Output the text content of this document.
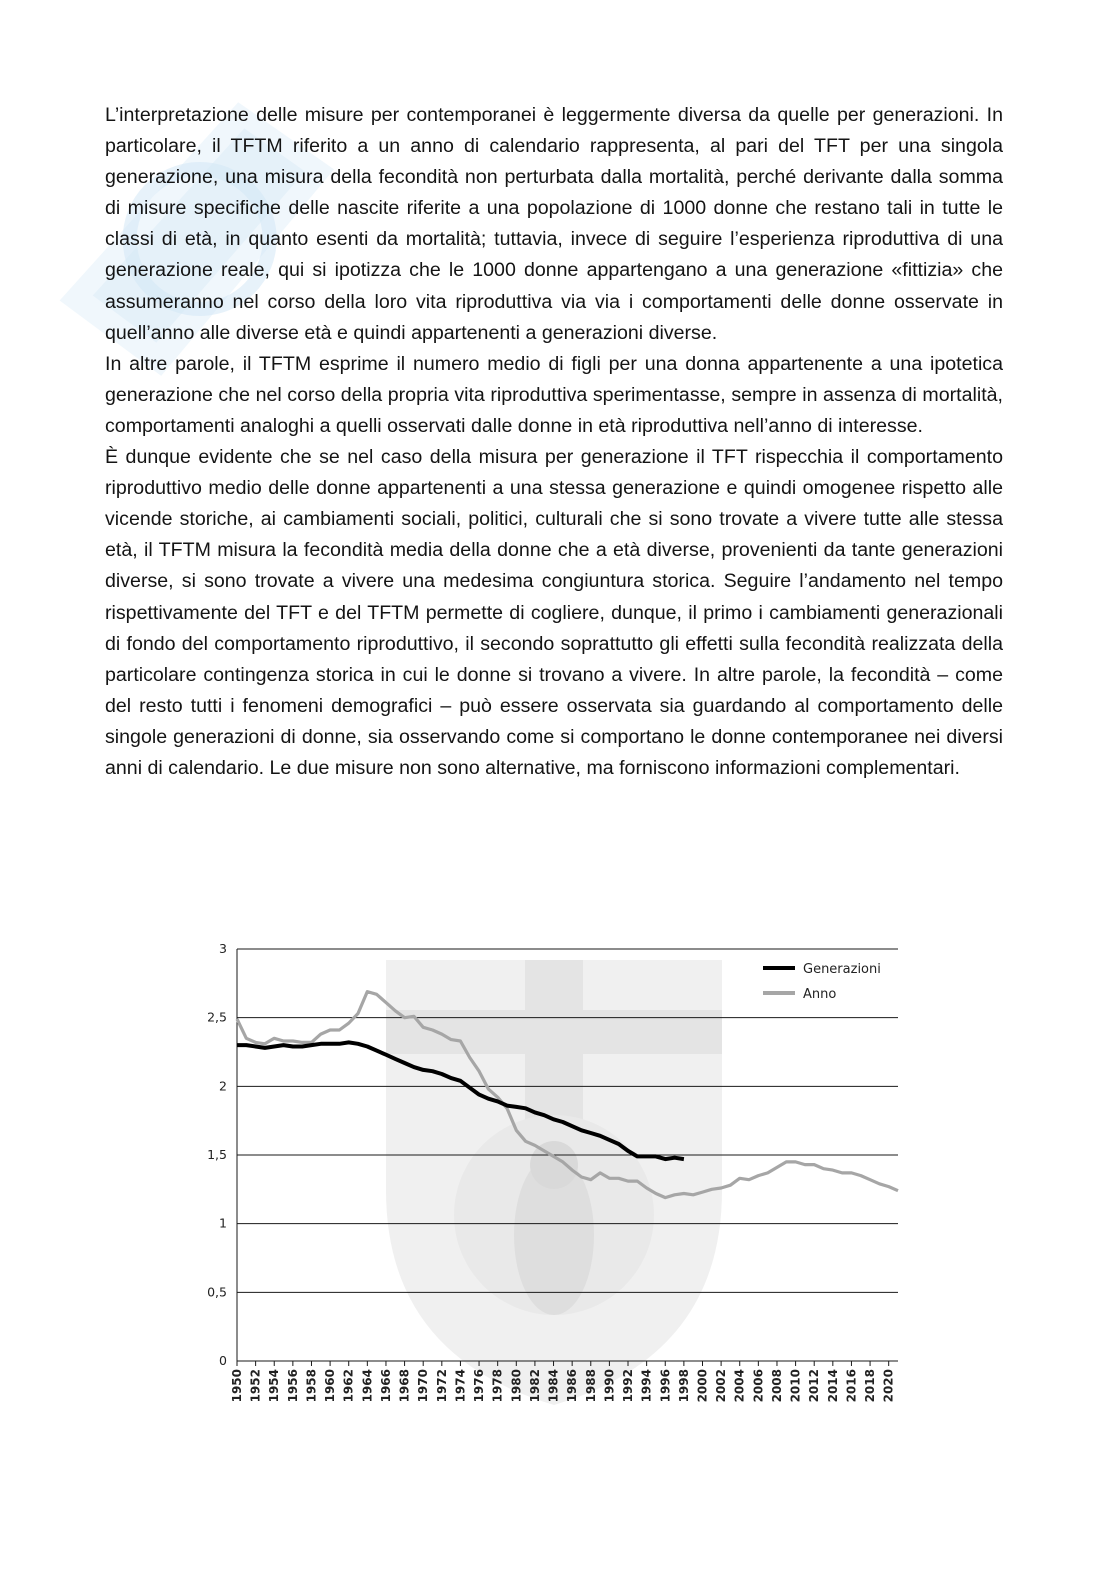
L’interpretazione delle misure per contemporanei è leggermente diversa da quelle per generazioni. In particolare, il TFTM riferito a un anno di calendario rappresenta, al pari del TFT per una singola generazione, una misura della fecondità non perturbata dalla mortalità, perché derivante dalla somma di misure specifiche delle nascite riferite a una popolazione di 1000 donne che restano tali in tutte le classi di età, in quanto esenti da mortalità; tuttavia, invece di seguire l’esperienza riproduttiva di una generazione reale, qui si ipotizza che le 1000 donne appartengano a una generazione «fittizia» che assumeranno nel corso della loro vita riproduttiva via via i comportamenti delle donne osservate in quell’anno alle diverse età e quindi appartenenti a generazioni diverse.

In altre parole, il TFTM esprime il numero medio di figli per una donna appartenente a una ipotetica generazione che nel corso della propria vita riproduttiva sperimentasse, sempre in assenza di mortalità, comportamenti analoghi a quelli osservati dalle donne in età riproduttiva nell’anno di interesse.

È dunque evidente che se nel caso della misura per generazione il TFT rispecchia il comportamento riproduttivo medio delle donne appartenenti a una stessa generazione e quindi omogenee rispetto alle vicende storiche, ai cambiamenti sociali, politici, culturali che si sono trovate a vivere tutte alle stessa età, il TFTM misura la fecondità media della donne che a età diverse, provenienti da tante generazioni diverse, si sono trovate a vivere una medesima congiuntura storica. Seguire l’andamento nel tempo rispettivamente del TFT e del TFTM permette di cogliere, dunque, il primo i cambiamenti generazionali di fondo del comportamento riproduttivo, il secondo soprattutto gli effetti sulla fecondità realizzata della particolare contingenza storica in cui le donne si trovano a vivere. In altre parole, la fecondità – come del resto tutti i fenomeni demografici – può essere osservata sia guardando al comportamento delle singole generazioni di donne, sia osservando come si comportano le donne contemporanee nei diversi anni di calendario. Le due misure non sono alternative, ma forniscono informazioni complementari.

0
0,5
1
1,5
2
2,5
3
1950 1952 1954 1956 1958 1960 1962 1964 1966 1968 1970 1972 1974 1976 1978 1980 1982 1984 1986 1988 1990 1992 1994 1996 1998 2000 2002 2004 2006 2008 2010 2012 2014 2016 2018 2020
Generazioni
Anno
